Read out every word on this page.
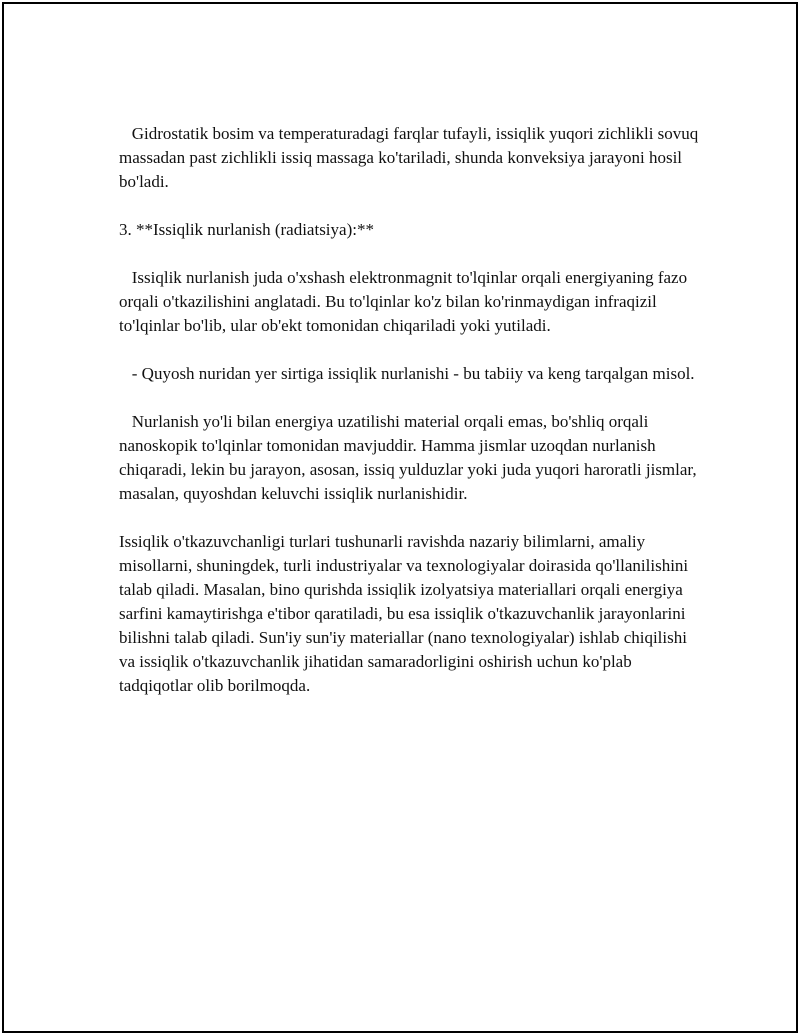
Gidrostatik bosim va temperaturadagi farqlar tufayli, issiqlik yuqori zichlikli sovuq massadan past zichlikli issiq massaga ko'tariladi, shunda konveksiya jarayoni hosil bo'ladi.

3. **Issiqlik nurlanish (radiatsiya):**

Issiqlik nurlanish juda o'xshash elektronmagnit to'lqinlar orqali energiyaning fazo orqali o'tkazilishini anglatadi. Bu to'lqinlar ko'z bilan ko'rinmaydigan infraqizil to'lqinlar bo'lib, ular ob'ekt tomonidan chiqariladi yoki yutiladi.

- Quyosh nuridan yer sirtiga issiqlik nurlanishi - bu tabiiy va keng tarqalgan misol.

Nurlanish yo'li bilan energiya uzatilishi material orqali emas, bo'shliq orqali nanoskopik to'lqinlar tomonidan mavjuddir. Hamma jismlar uzoqdan nurlanish chiqaradi, lekin bu jarayon, asosan, issiq yulduzlar yoki juda yuqori haroratli jismlar, masalan, quyoshdan keluvchi issiqlik nurlanishidir.

Issiqlik o'tkazuvchanligi turlari tushunarli ravishda nazariy bilimlarni, amaliy misollarni, shuningdek, turli industriyalar va texnologiyalar doirasida qo'llanilishini talab qiladi. Masalan, bino qurishda issiqlik izolyatsiya materiallari orqali energiya sarfini kamaytirishga e'tibor qaratiladi, bu esa issiqlik o'tkazuvchanlik jarayonlarini bilishni talab qiladi. Sun'iy sun'iy materiallar (nano texnologiyalar) ishlab chiqilishi va issiqlik o'tkazuvchanlik jihatidan samaradorligini oshirish uchun ko'plab tadqiqotlar olib borilmoqda.
